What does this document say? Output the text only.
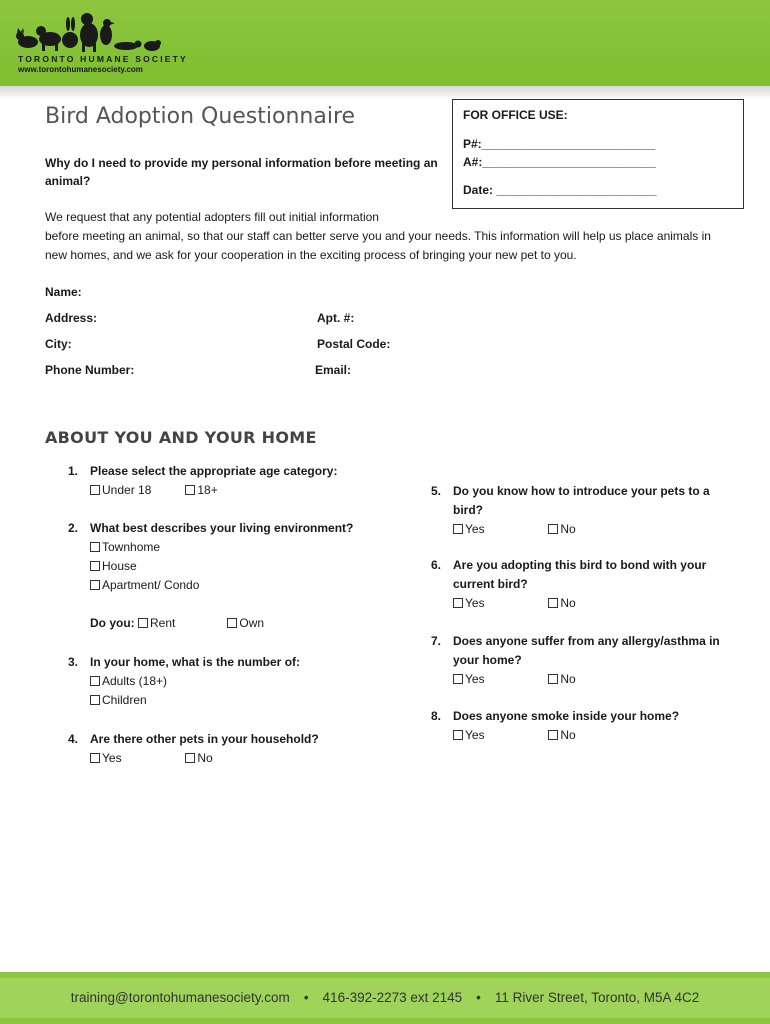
TORONTO HUMANE SOCIETY
www.torontohumanesociety.com
Bird Adoption Questionnaire

Why do I need to provide my personal information before meeting an animal?

FOR OFFICE USE:
P#:__________________________
A#:__________________________
Date: ________________________
We request that any potential adopters fill out initial information
before meeting an animal, so that our staff can better serve you and your needs. This information will help us place animals in new homes, and we ask for your cooperation in the exciting process of bringing your new pet to you.
Name:
Address:	Apt. #:
City:	Postal Code:
Phone Number:	Email:
ABOUT YOU AND YOUR HOME
1. Please select the appropriate age category:
Under 18	18+
2. What best describes your living environment?
Townhome
House
Apartment/ Condo
Do you: Rent	Own
3. In your home, what is the number of:
Adults (18+)
Children
4. Are there other pets in your household?
Yes	No
5. Do you know how to introduce your pets to a bird?
Yes	No
6. Are you adopting this bird to bond with your current bird?
Yes	No
7. Does anyone suffer from any allergy/asthma in your home?
Yes	No
8. Does anyone smoke inside your home?
Yes	No
training@torontohumanesociety.com • 416-392-2273 ext 2145 • 11 River Street, Toronto, M5A 4C2
